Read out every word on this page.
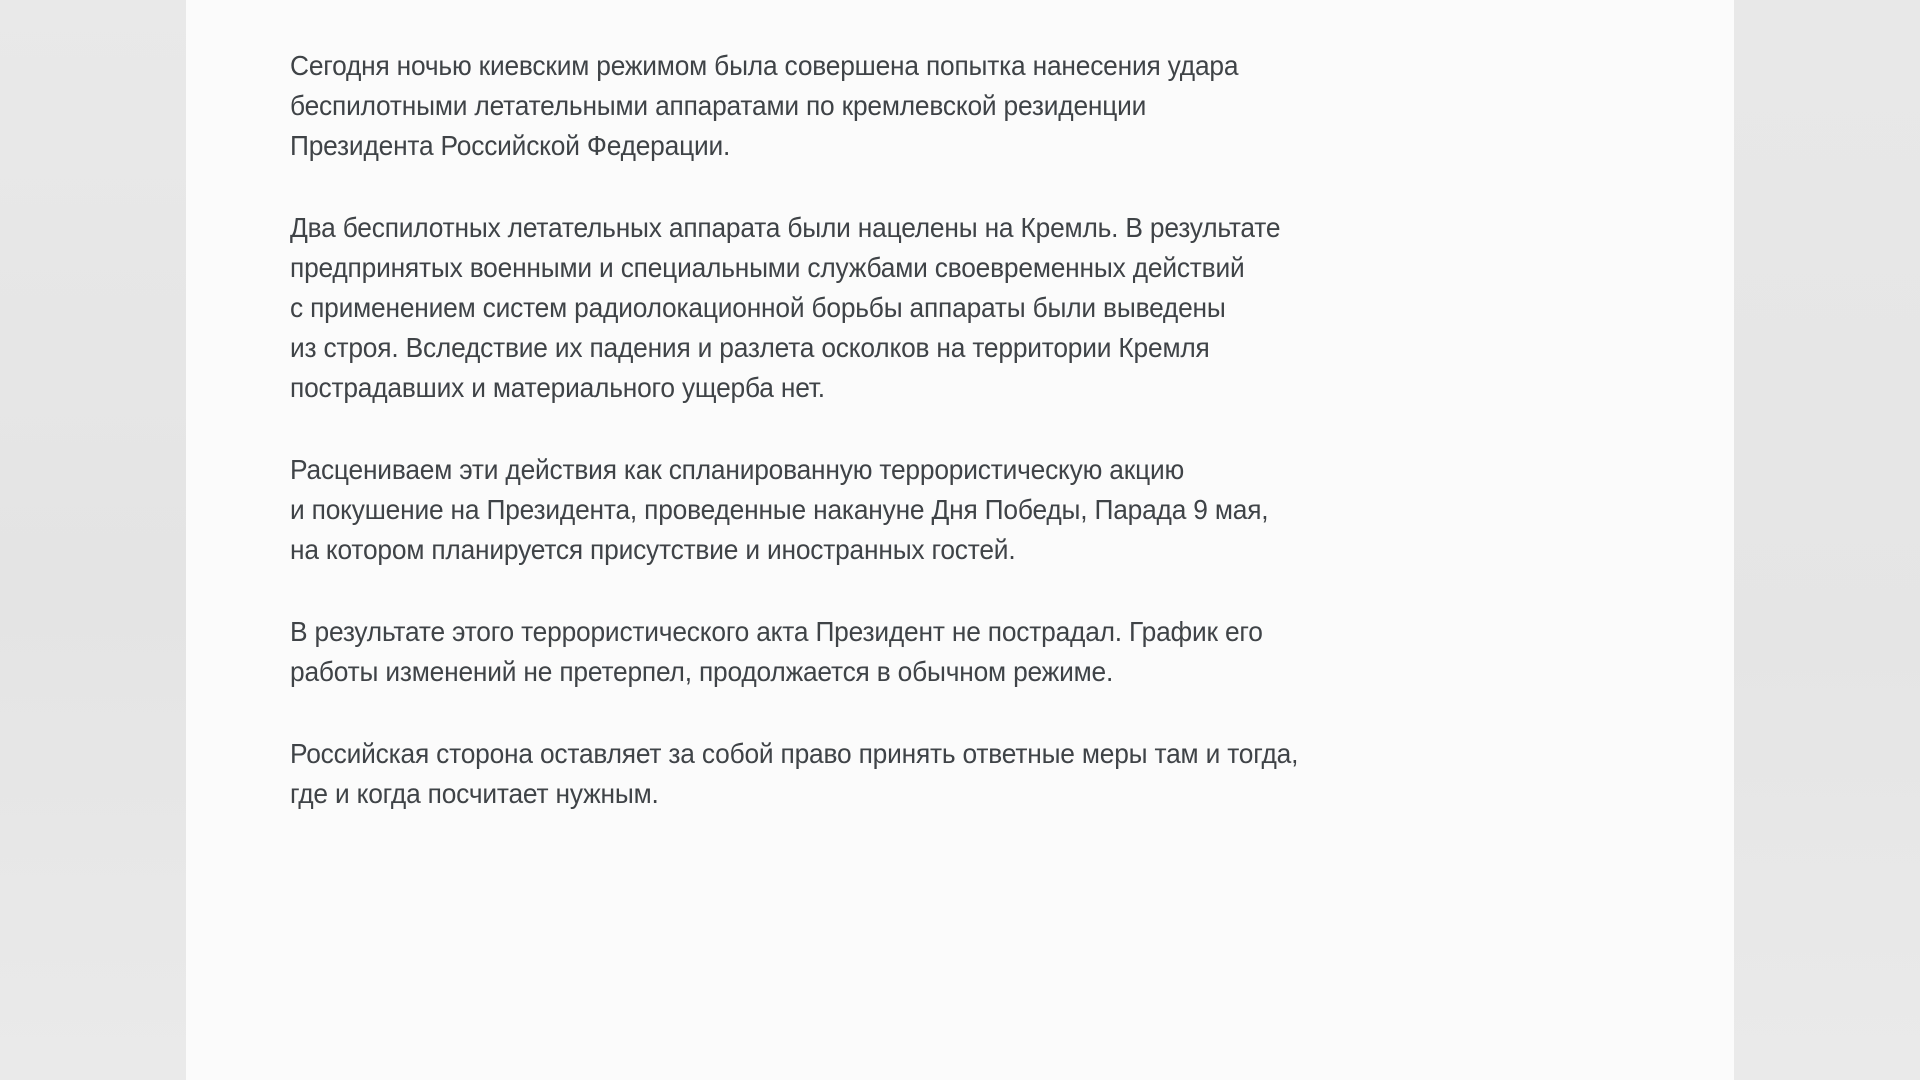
Сегодня ночью киевским режимом была совершена попытка нанесения удара
беспилотными летательными аппаратами по кремлевской резиденции
Президента Российской Федерации.

Два беспилотных летательных аппарата были нацелены на Кремль. В результате
предпринятых военными и специальными службами своевременных действий
с применением систем радиолокационной борьбы аппараты были выведены
из строя. Вследствие их падения и разлета осколков на территории Кремля
пострадавших и материального ущерба нет.

Расцениваем эти действия как спланированную террористическую акцию
и покушение на Президента, проведенные накануне Дня Победы, Парада 9 мая,
на котором планируется присутствие и иностранных гостей.

В результате этого террористического акта Президент не пострадал. График его
работы изменений не претерпел, продолжается в обычном режиме.

Российская сторона оставляет за собой право принять ответные меры там и тогда,
где и когда посчитает нужным.
